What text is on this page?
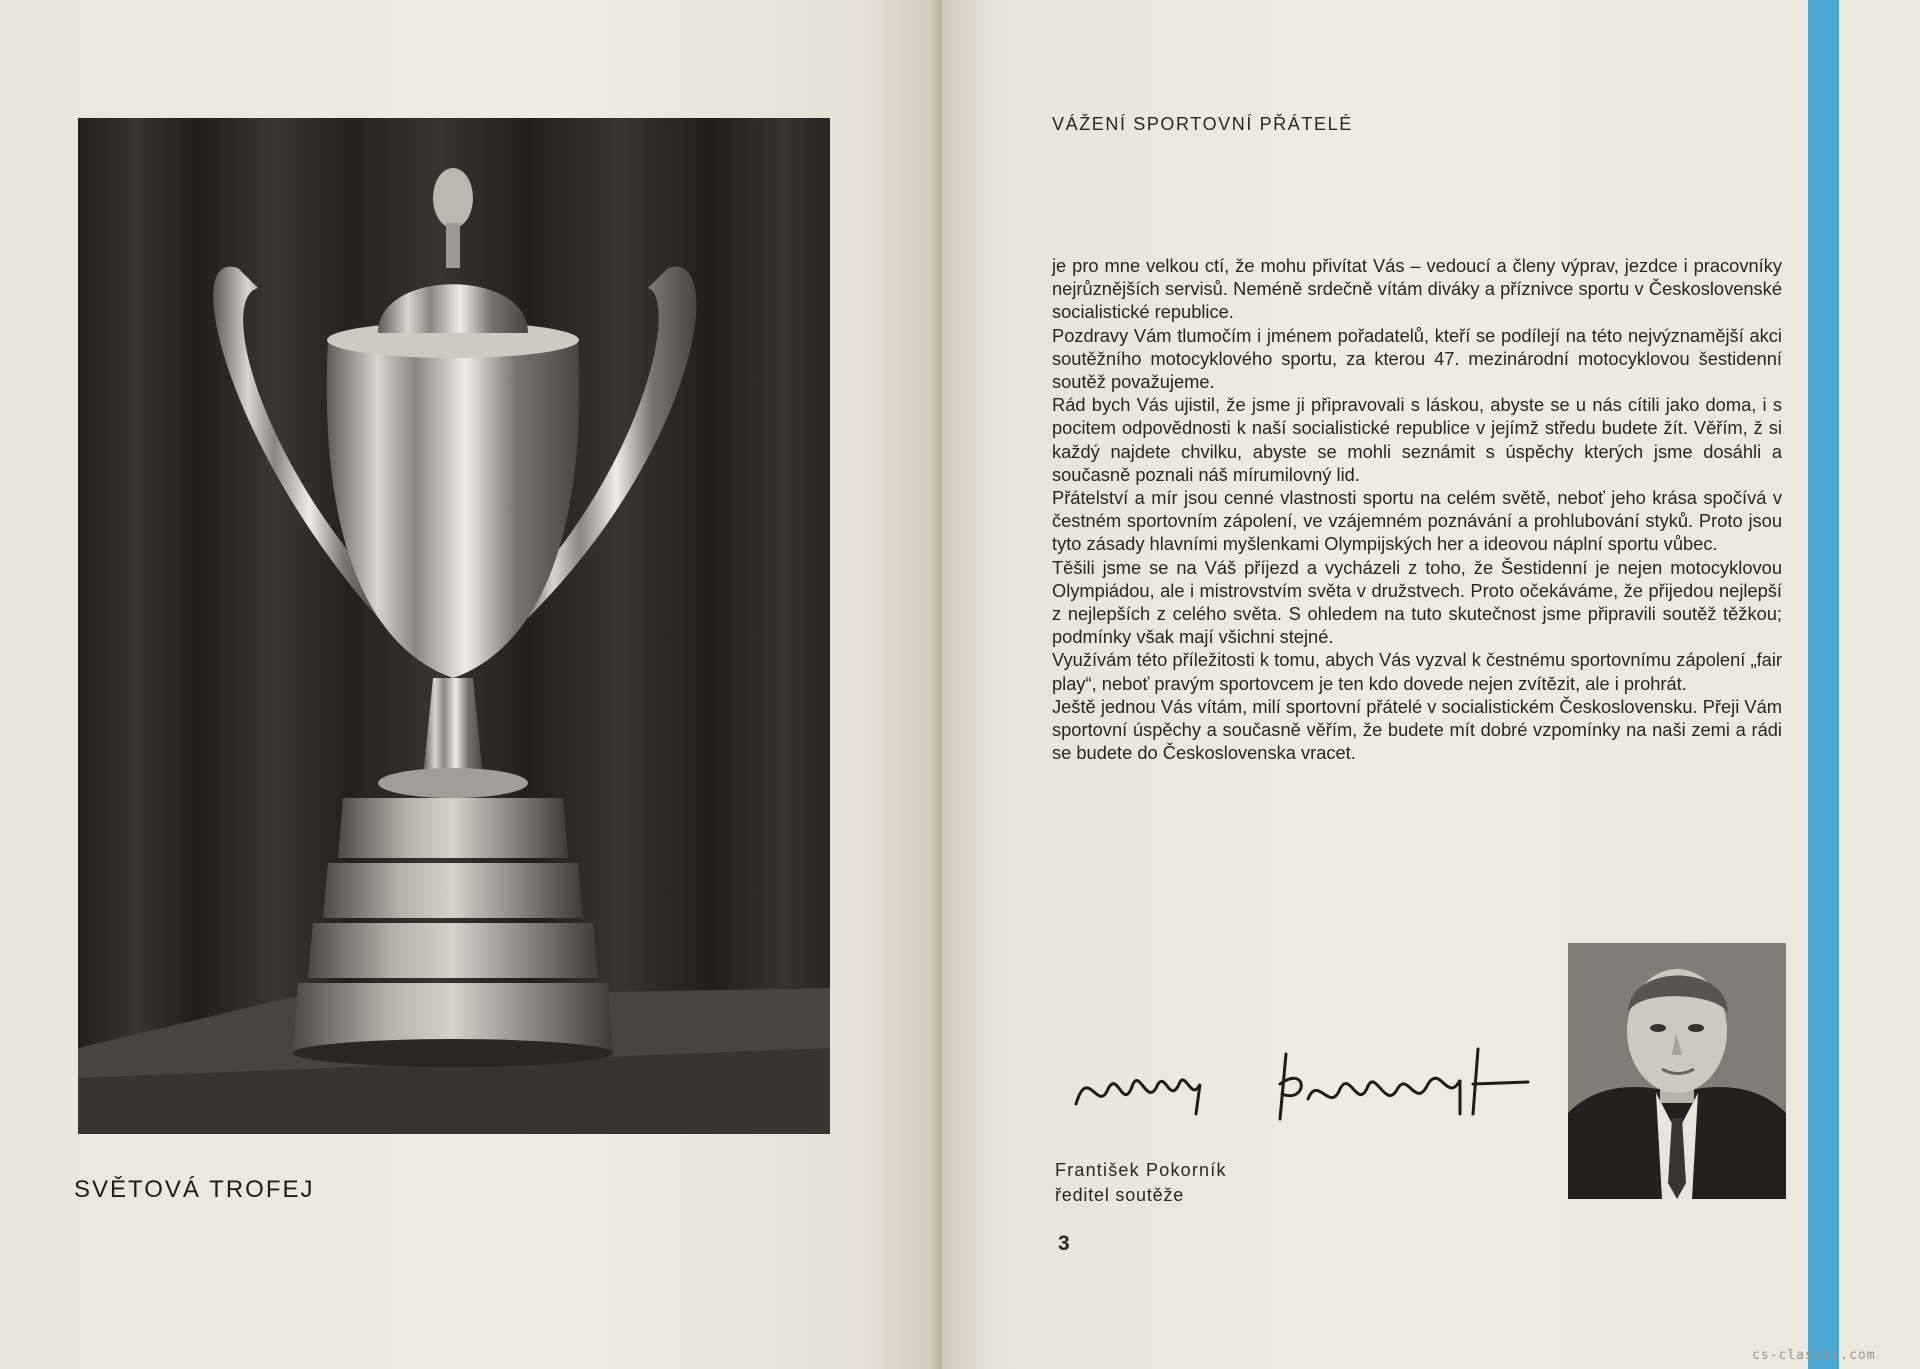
SVĚTOVÁ TROFEJ
VÁŽENÍ SPORTOVNÍ PŘÁTELÉ

je pro mne velkou ctí, že mohu přivítat Vás – vedoucí a členy výprav, jezdce i pracovníky nejrůznějších servisů. Neméně srdečně vítám diváky a příznivce sportu v Československé socialistické republice.

Pozdravy Vám tlumočím i jménem pořadatelů, kteří se podílejí na této nejvýznamější akci soutěžního motocyklového sportu, za kterou 47. mezinárodní motocyklovou šestidenní soutěž považujeme.

Rád bych Vás ujistil, že jsme ji připravovali s láskou, abyste se u nás cítili jako doma, i s pocitem odpovědnosti k naší socialistické republice v jejímž středu budete žít. Věřím, ž si každý najdete chvilku, abyste se mohli seznámit s úspěchy kterých jsme dosáhli a současně poznali náš mírumilovný lid.

Přátelství a mír jsou cenné vlastnosti sportu na celém světě, neboť jeho krása spočívá v čestném sportovním zápolení, ve vzájemném poznávání a prohlubování styků. Proto jsou tyto zásady hlavními myšlenkami Olympijských her a ideovou náplní sportu vůbec.

Těšili jsme se na Váš příjezd a vycházeli z toho, že Šestidenní je nejen motocyklovou Olympiádou, ale i mistrovstvím světa v družstvech. Proto očekáváme, že přijedou nejlepší z nejlepších z celého světa. S ohledem na tuto skutečnost jsme připravili soutěž těžkou; podmínky však mají všichni stejné.

Využívám této příležitosti k tomu, abych Vás vyzval k čestnému sportovnímu zápolení „fair play“, neboť pravým sportovcem je ten kdo dovede nejen zvítězit, ale i prohrát.

Ještě jednou Vás vítám, milí sportovní přátelé v socialistickém Československu. Přeji Vám sportovní úspěchy a současně věřím, že budete mít dobré vzpomínky na naši zemi a rádi se budete do Československa vracet.

František Pokorník
ředitel soutěže
3
cs-classic.com
